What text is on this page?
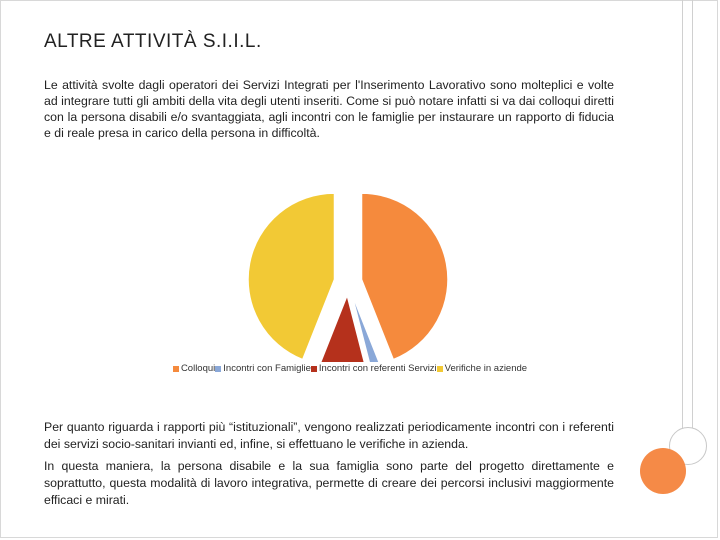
ALTRE ATTIVITÀ S.I.I.L.

Le attività svolte dagli operatori dei Servizi Integrati per l'Inserimento Lavorativo sono molteplici e volte ad integrare tutti gli ambiti della vita degli utenti inseriti. Come si può notare infatti si va dai colloqui diretti con la persona disabili e/o svantaggiata, agli incontri con le famiglie per instaurare un rapporto di fiducia e di reale presa in carico della persona in difficoltà.

Colloqui Incontri con Famiglie Incontri con referenti Servizi Verifiche in aziende

Per quanto riguarda i rapporti più “istituzionali”, vengono realizzati periodicamente incontri con i referenti dei servizi socio-sanitari invianti ed, infine, si effettuano le verifiche in azienda.

In questa maniera, la persona disabile e la sua famiglia sono parte del progetto direttamente e soprattutto, questa modalità di lavoro integrativa, permette di creare dei percorsi inclusivi maggiormente efficaci e mirati.
